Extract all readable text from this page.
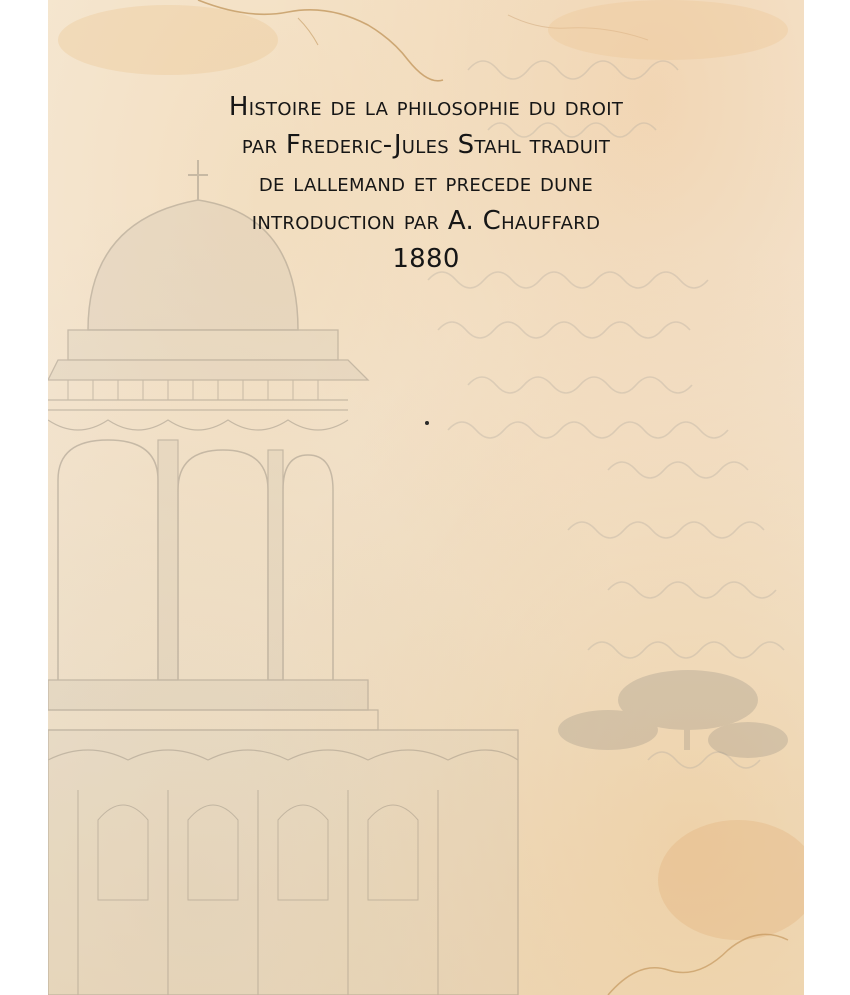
Histoire de la philosophie du droit
par Frederic-Jules Stahl traduit
de lallemand et precede dune
introduction par A. Chauffard
1880
